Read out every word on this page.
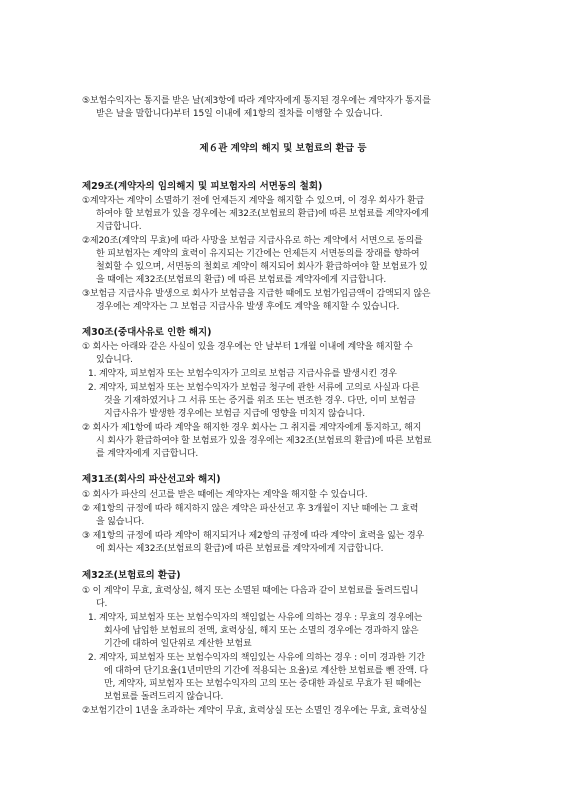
⑤보험수익자는 통지를 받은 날(제3항에 따라 계약자에게 통지된 경우에는 계약자가 통지를
받은 날을 말합니다)부터 15일 이내에 제1항의 절차를 이행할 수 있습니다.
제６관 계약의 해지 및 보험료의 환급 등
제29조(계약자의 임의해지 및 피보험자의 서면동의 철회)
①계약자는 계약이 소멸하기 전에 언제든지 계약을 해지할 수 있으며, 이 경우 회사가 환급
하여야 할 보험료가 있을 경우에는 제32조(보험료의 환급)에 따른 보험료를 계약자에게
지급합니다.
②제20조(계약의 무효)에 따라 사망을 보험금 지급사유로 하는 계약에서 서면으로 동의를
한 피보험자는 계약의 효력이 유지되는 기간에는 언제든지 서면동의를 장래를 향하여
철회할 수 있으며, 서면동의 철회로 계약이 해지되어 회사가 환급하여야 할 보험료가 있
을 때에는 제32조(보험료의 환급) 에 따른 보험료를 계약자에게 지급합니다.
③보험금 지급사유 발생으로 회사가 보험금을 지급한 때에도 보험가입금액이 감액되지 않은
경우에는 계약자는 그 보험금 지급사유 발생 후에도 계약을 해지할 수 있습니다.
제30조(중대사유로 인한 해지)
① 회사는 아래와 같은 사실이 있을 경우에는 안 날부터 1개월 이내에 계약을 해지할 수
있습니다.
1. 계약자, 피보험자 또는 보험수익자가 고의로 보험금 지급사유를 발생시킨 경우
2. 계약자, 피보험자 또는 보험수익자가 보험금 청구에 관한 서류에 고의로 사실과 다른
것을 기재하였거나 그 서류 또는 증거를 위조 또는 변조한 경우. 다만, 이미 보험금
지급사유가 발생한 경우에는 보험금 지급에 영향을 미치지 않습니다.
② 회사가 제1항에 따라 계약을 해지한 경우 회사는 그 취지를 계약자에게 통지하고, 해지
시 회사가 환급하여야 할 보험료가 있을 경우에는 제32조(보험료의 환급)에 따른 보험료
를 계약자에게 지급합니다.
제31조(회사의 파산선고와 해지)
① 회사가 파산의 선고를 받은 때에는 계약자는 계약을 해지할 수 있습니다.
② 제1항의 규정에 따라 해지하지 않은 계약은 파산선고 후 3개월이 지난 때에는 그 효력
을 잃습니다.
③ 제1항의 규정에 따라 계약이 해지되거나 제2항의 규정에 따라 계약이 효력을 잃는 경우
에 회사는 제32조(보험료의 환급)에 따른 보험료를 계약자에게 지급합니다.
제32조(보험료의 환급)
① 이 계약이 무효, 효력상실, 해지 또는 소멸된 때에는 다음과 같이 보험료를 돌려드립니
다.
1. 계약자, 피보험자 또는 보험수익자의 책임없는 사유에 의하는 경우 : 무효의 경우에는
회사에 납입한 보험료의 전액, 효력상실, 해지 또는 소멸의 경우에는 경과하지 않은
기간에 대하여 일단위로 계산한 보험료
2. 계약자, 피보험자 또는 보험수익자의 책임있는 사유에 의하는 경우 : 이미 경과한 기간
에 대하여 단기요율(1년미만의 기간에 적용되는 요율)로 계산한 보험료를 뺀 잔액. 다
만, 계약자, 피보험자 또는 보험수익자의 고의 또는 중대한 과실로 무효가 된 때에는
보험료를 돌려드리지 않습니다.
②보험기간이 1년을 초과하는 계약이 무효, 효력상실 또는 소멸인 경우에는 무효, 효력상실
